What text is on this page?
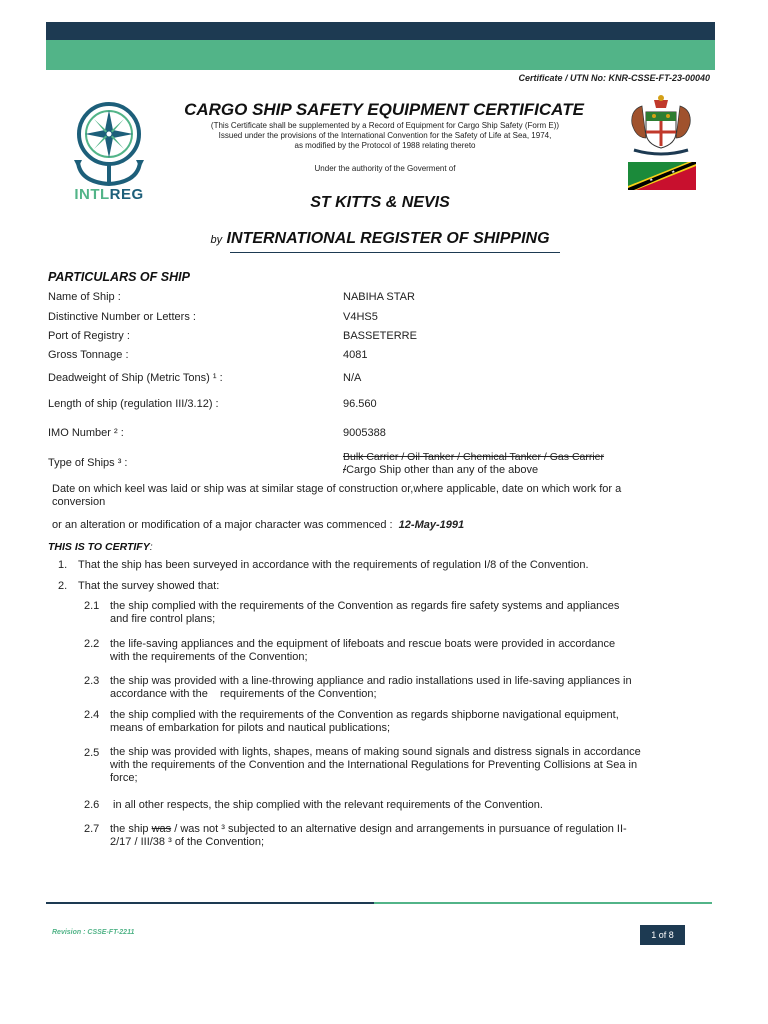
Certificate / UTN No: KNR-CSSE-FT-23-00040
INTLREG
CARGO SHIP SAFETY EQUIPMENT CERTIFICATE
(This Certificate shall be supplemented by a Record of Equipment for Cargo Ship Safety (Form E))
Issued under the provisions of the International Convention for the Safety of Life at Sea, 1974,
as modified by the Protocol of 1988 relating thereto
Under the authority of the Goverment of
ST KITTS & NEVIS
by INTERNATIONAL REGISTER OF SHIPPING
PARTICULARS OF SHIP
Name of Ship :	NABIHA STAR
Distinctive Number or Letters :	V4HS5
Port of Registry :	BASSETERRE
Gross Tonnage :	4081
Deadweight of Ship (Metric Tons) ¹ :	N/A
Length of ship (regulation III/3.12) :	96.560
IMO Number ² :	9005388
Type of Ships ³ :	Bulk Carrier / Oil Tanker / Chemical Tanker / Gas Carrier
/Cargo Ship other than any of the above
Date on which keel was laid or ship was at similar stage of construction or,where applicable, date on which work for a
conversion
or an alteration or modification of a major character was commenced : 12-May-1991
THIS IS TO CERTIFY:
1. That the ship has been surveyed in accordance with the requirements of regulation I/8 of the Convention.
2. That the survey showed that:
2.1 the ship complied with the requirements of the Convention as regards fire safety systems and appliances
and fire control plans;
2.2 the life-saving appliances and the equipment of lifeboats and rescue boats were provided in accordance
with the requirements of the Convention;
2.3 the ship was provided with a line-throwing appliance and radio installations used in life-saving appliances in
accordance with the    requirements of the Convention;
2.4 the ship complied with the requirements of the Convention as regards shipborne navigational equipment,
means of embarkation for pilots and nautical publications;
2.5 the ship was provided with lights, shapes, means of making sound signals and distress signals in accordance
with the requirements of the Convention and the International Regulations for Preventing Collisions at Sea in
force;
2.6 in all other respects, the ship complied with the relevant requirements of the Convention.
2.7 the ship was / was not ³ subjected to an alternative design and arrangements in pursuance of regulation II-
2/17 / III/38 ³ of the Convention;
Revision : CSSE-FT-2211	1 of 8
